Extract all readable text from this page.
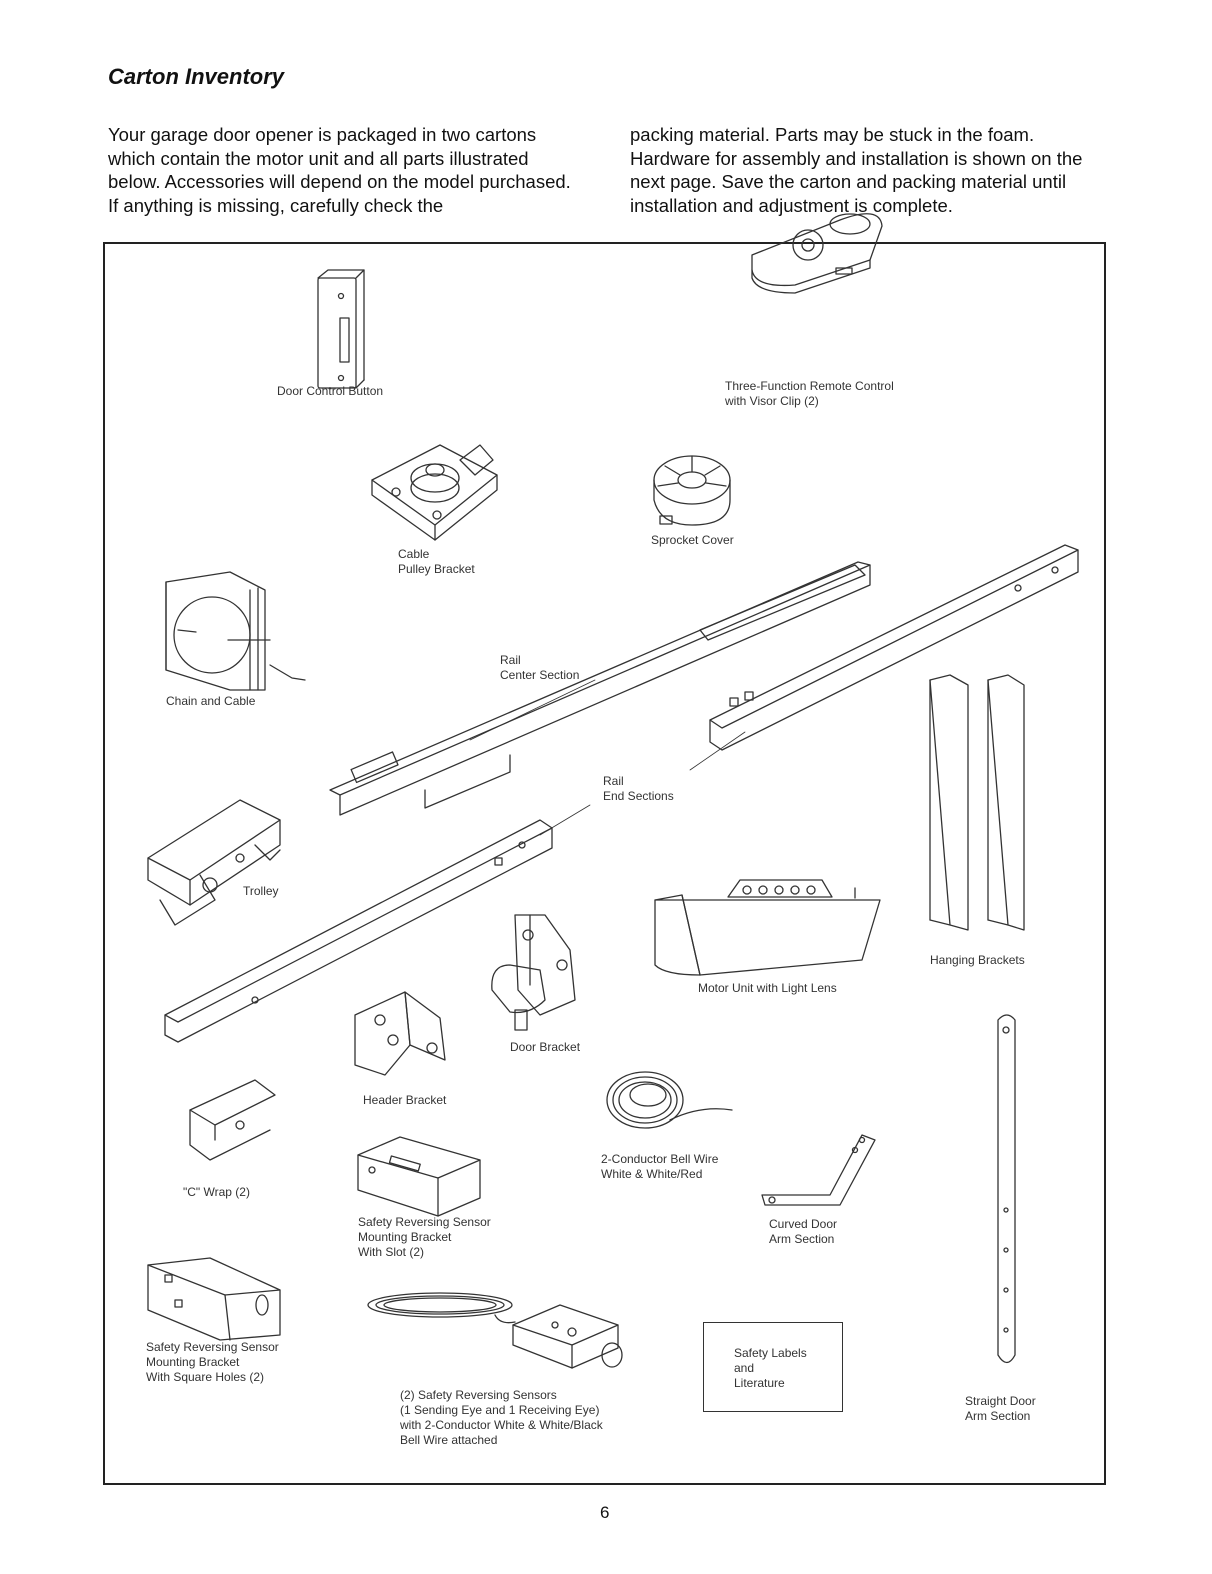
Carton Inventory

Your garage door opener is packaged in two cartons which contain the motor unit and all parts illustrated below. Accessories will depend on the model purchased. If anything is missing, carefully check the

packing material. Parts may be stuck in the foam. Hardware for assembly and installation is shown on the next page. Save the carton and packing material until installation and adjustment is complete.

Door Control Button	Three-Function Remote Control
with Visor Clip (2)

Cable
Pulley Bracket

Sprocket Cover

Chain and Cable

Rail
Center Section

Rail
End Sections

Trolley

Motor Unit with Light Lens

Hanging Brackets

Door Bracket

Header Bracket

"C" Wrap (2)

2-Conductor Bell Wire
White & White/Red

Safety Reversing Sensor
Mounting Bracket
With Slot (2)

Curved Door
Arm Section

Safety Reversing Sensor
Mounting Bracket
With Square Holes (2)

(2) Safety Reversing Sensors
(1 Sending Eye and 1 Receiving Eye)
with 2-Conductor White & White/Black
Bell Wire attached

Safety Labels
and
Literature

Straight Door
Arm Section

6
